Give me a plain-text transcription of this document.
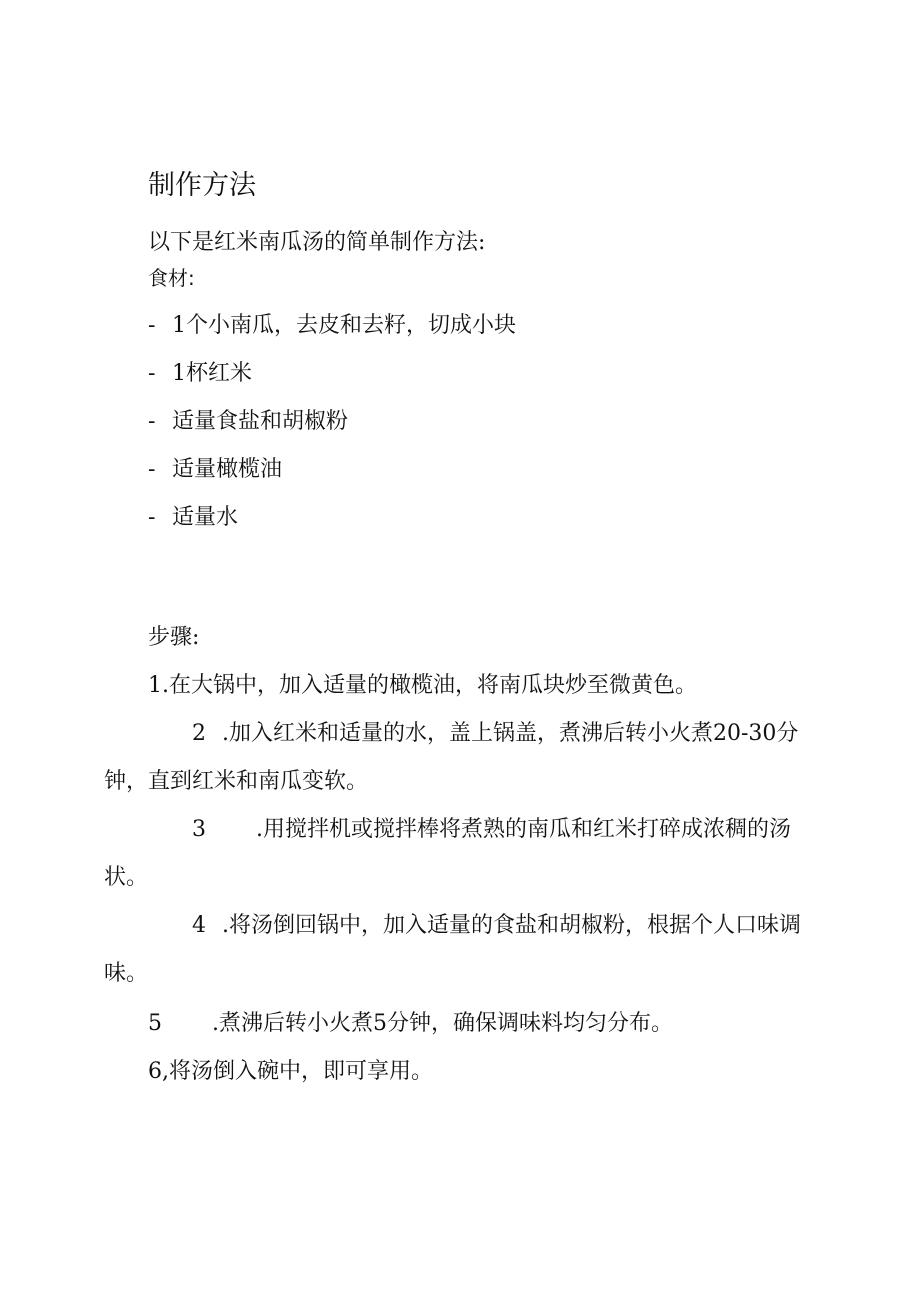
制作方法

以下是红米南瓜汤的简单制作方法:

食材:

- 1个小南瓜，去皮和去籽，切成小块

- 1杯红米

- 适量食盐和胡椒粉

- 适量橄榄油

- 适量水

步骤:

1.在大锅中，加入适量的橄榄油，将南瓜块炒至微黄色。

2 .加入红米和适量的水，盖上锅盖，煮沸后转小火煮20-30分钟，直到红米和南瓜变软。

3 .用搅拌机或搅拌棒将煮熟的南瓜和红米打碎成浓稠的汤状。

4 .将汤倒回锅中，加入适量的食盐和胡椒粉，根据个人口味调味。

5 .煮沸后转小火煮5分钟，确保调味料均匀分布。

6,将汤倒入碗中，即可享用。
